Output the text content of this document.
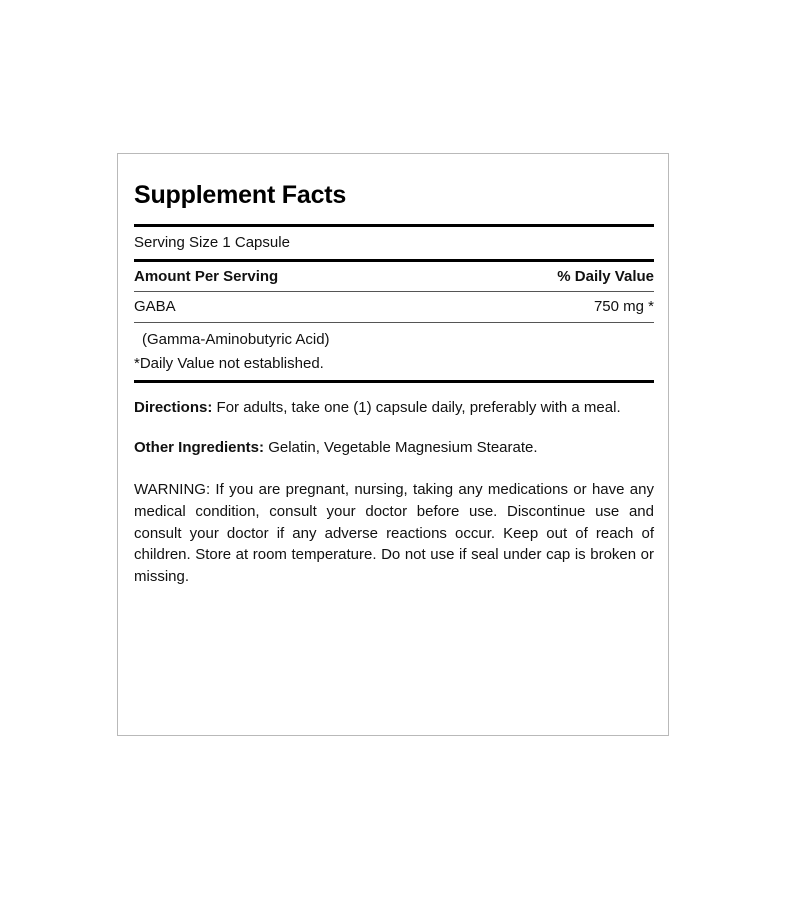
Supplement Facts
Serving Size 1 Capsule
Amount Per Serving	% Daily Value
GABA	750 mg *
(Gamma-Aminobutyric Acid)
*Daily Value not established.

Directions: For adults, take one (1) capsule daily, preferably with a meal.

Other Ingredients: Gelatin, Vegetable Magnesium Stearate.

WARNING: If you are pregnant, nursing, taking any medications or have any medical condition, consult your doctor before use. Discontinue use and consult your doctor if any adverse reactions occur. Keep out of reach of children. Store at room temperature. Do not use if seal under cap is broken or missing.
